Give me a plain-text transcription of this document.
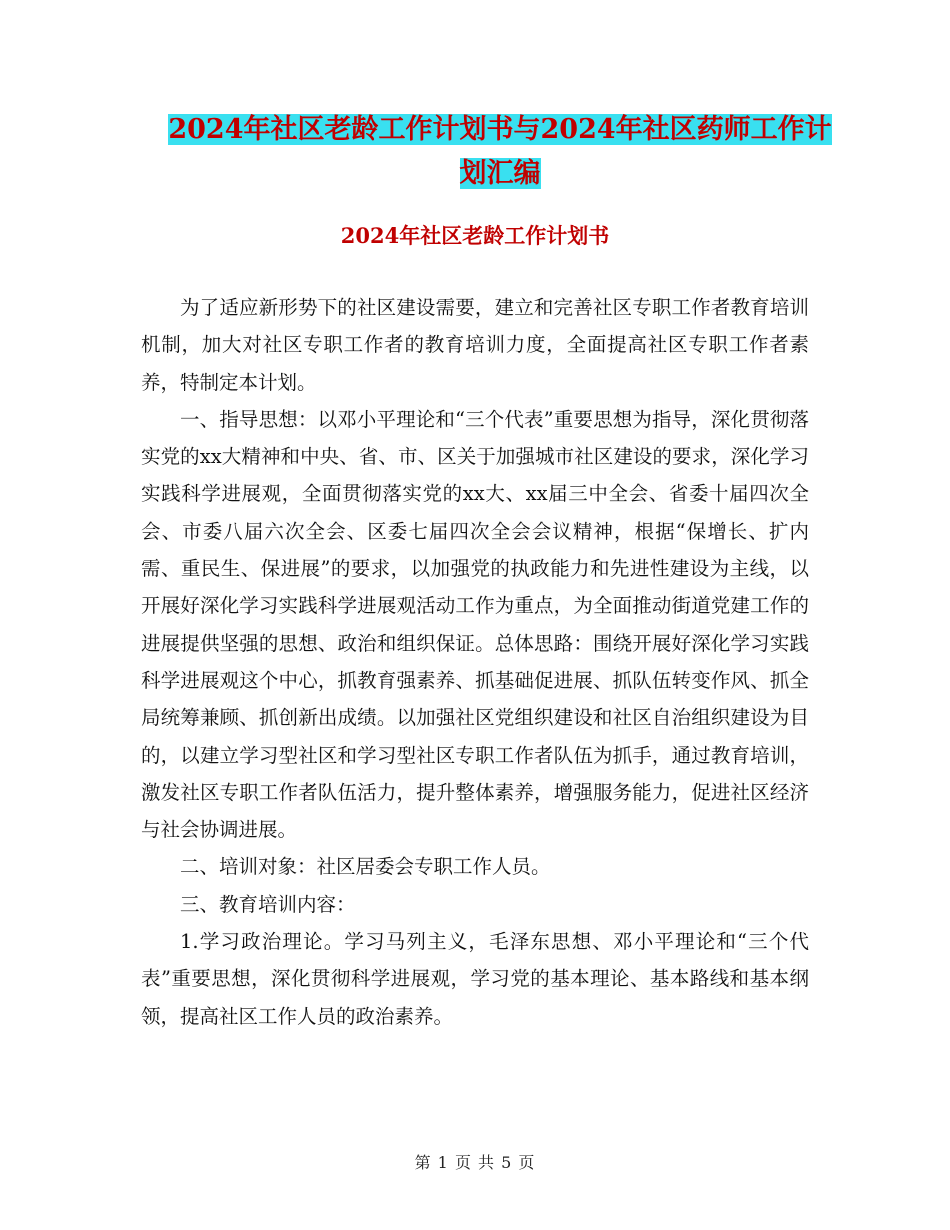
2024年社区老龄工作计划书与2024年社区药师工作计
划汇编
2024年社区老龄工作计划书

为了适应新形势下的社区建设需要，建立和完善社区专职工作者教育培训机制，加大对社区专职工作者的教育培训力度，全面提高社区专职工作者素养，特制定本计划。

一、指导思想：以邓小平理论和“三个代表”重要思想为指导，深化贯彻落实党的xx大精神和中央、省、市、区关于加强城市社区建设的要求，深化学习实践科学进展观，全面贯彻落实党的xx大、xx届三中全会、省委十届四次全会、市委八届六次全会、区委七届四次全会会议精神，根据“保增长、扩内需、重民生、保进展”的要求，以加强党的执政能力和先进性建设为主线，以开展好深化学习实践科学进展观活动工作为重点，为全面推动街道党建工作的进展提供坚强的思想、政治和组织保证。总体思路：围绕开展好深化学习实践科学进展观这个中心，抓教育强素养、抓基础促进展、抓队伍转变作风、抓全局统筹兼顾、抓创新出成绩。以加强社区党组织建设和社区自治组织建设为目的，以建立学习型社区和学习型社区专职工作者队伍为抓手，通过教育培训，激发社区专职工作者队伍活力，提升整体素养，增强服务能力，促进社区经济与社会协调进展。

二、培训对象：社区居委会专职工作人员。

三、教育培训内容：

1.学习政治理论。学习马列主义，毛泽东思想、邓小平理论和“三个代表”重要思想，深化贯彻科学进展观，学习党的基本理论、基本路线和基本纲领，提高社区工作人员的政治素养。

第 1 页 共 5 页
